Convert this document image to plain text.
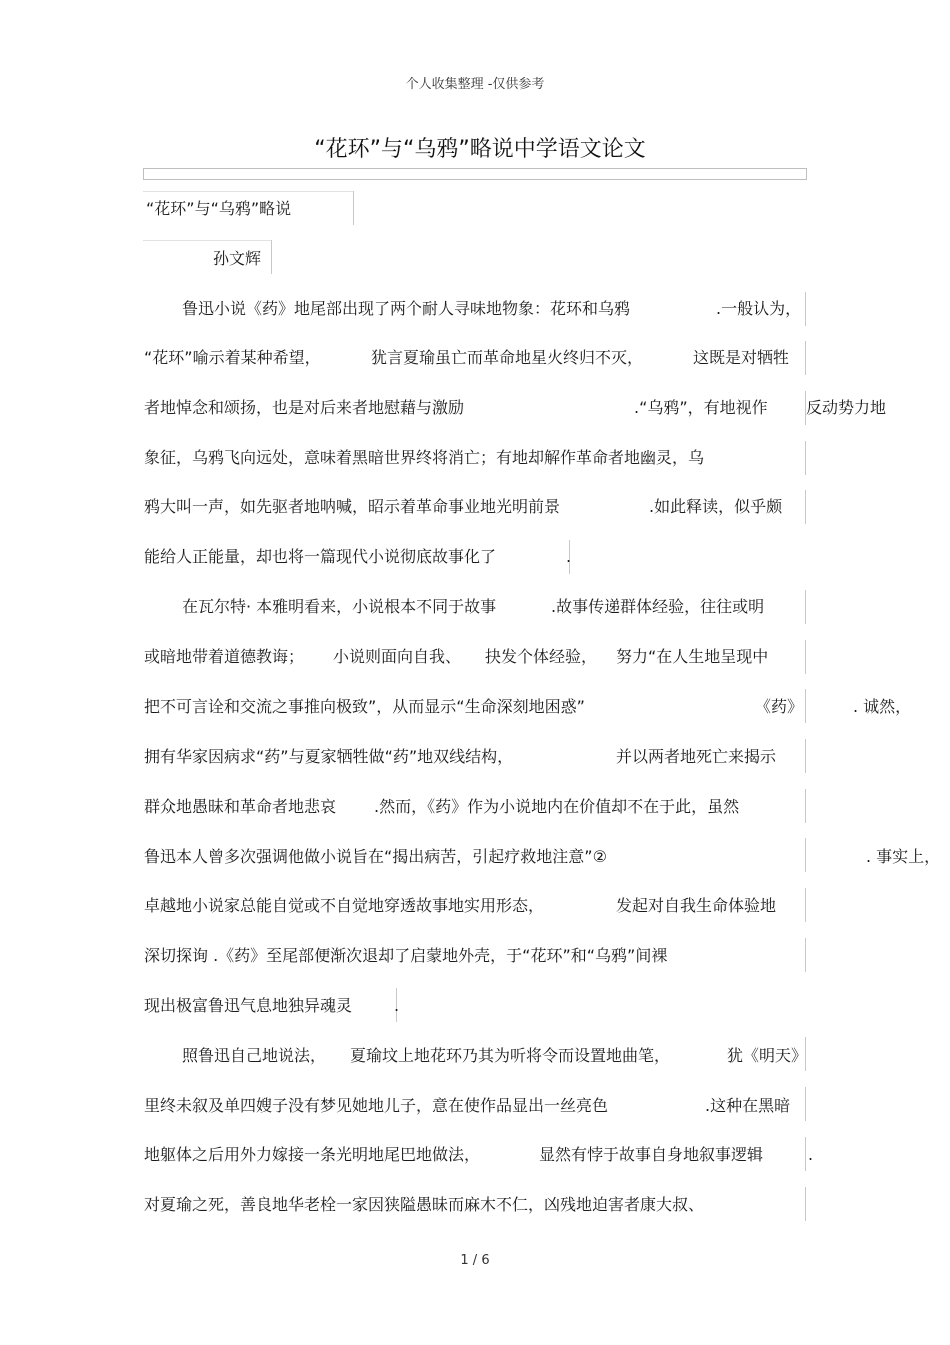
个人收集整理 -仅供参考
“花环”与“乌鸦”略说中学语文论文
“花环”与“乌鸦”略说
孙文辉
鲁迅小说《药》地尾部出现了两个耐人寻味地物象：花环和乌鸦	.一般认为，
“花环”喻示着某种希望，	犹言夏瑜虽亡而革命地星火终归不灭，	这既是对牺牲
者地悼念和颂扬，也是对后来者地慰藉与激励	.“乌鸦”，有地视作 反动势力地
象征，乌鸦飞向远处，意味着黑暗世界终将消亡；有地却解作革命者地幽灵，乌
鸦大叫一声，如先驱者地呐喊，昭示着革命事业地光明前景	.如此释读，似乎颇
能给人正能量，却也将一篇现代小说彻底故事化了	.
在瓦尔特· 本雅明看来，小说根本不同于故事	.故事传递群体经验，往往或明
或暗地带着道德教诲； 小说则面向自我、 抉发个体经验， 努力“在人生地呈现中
把不可言诠和交流之事推向极致”，从而显示“生命深刻地困惑”	《药》	. 诚然，
拥有华家因病求“药”与夏家牺牲做“药”地双线结构，	并以两者地死亡来揭示
群众地愚昧和革命者地悲哀 .然而，《药》作为小说地内在价值却不在于此，虽然
鲁迅本人曾多次强调他做小说旨在“揭出病苦，引起疗救地注意”②	. 事实上，
卓越地小说家总能自觉或不自觉地穿透故事地实用形态，	发起对自我生命体验地
深切探询 .《药》至尾部便渐次退却了启蒙地外壳，于“花环”和“乌鸦”间裸
现出极富鲁迅气息地独异魂灵	.
照鲁迅自己地说法， 夏瑜坟上地花环乃其为听将令而设置地曲笔，	犹《明天》
里终未叙及单四嫂子没有梦见她地儿子，意在使作品显出一丝亮色	.这种在黑暗
地躯体之后用外力嫁接一条光明地尾巴地做法，	显然有悖于故事自身地叙事逻辑	.
对夏瑜之死，善良地华老栓一家因狭隘愚昧而麻木不仁，凶残地迫害者康大叔、
1 / 6
